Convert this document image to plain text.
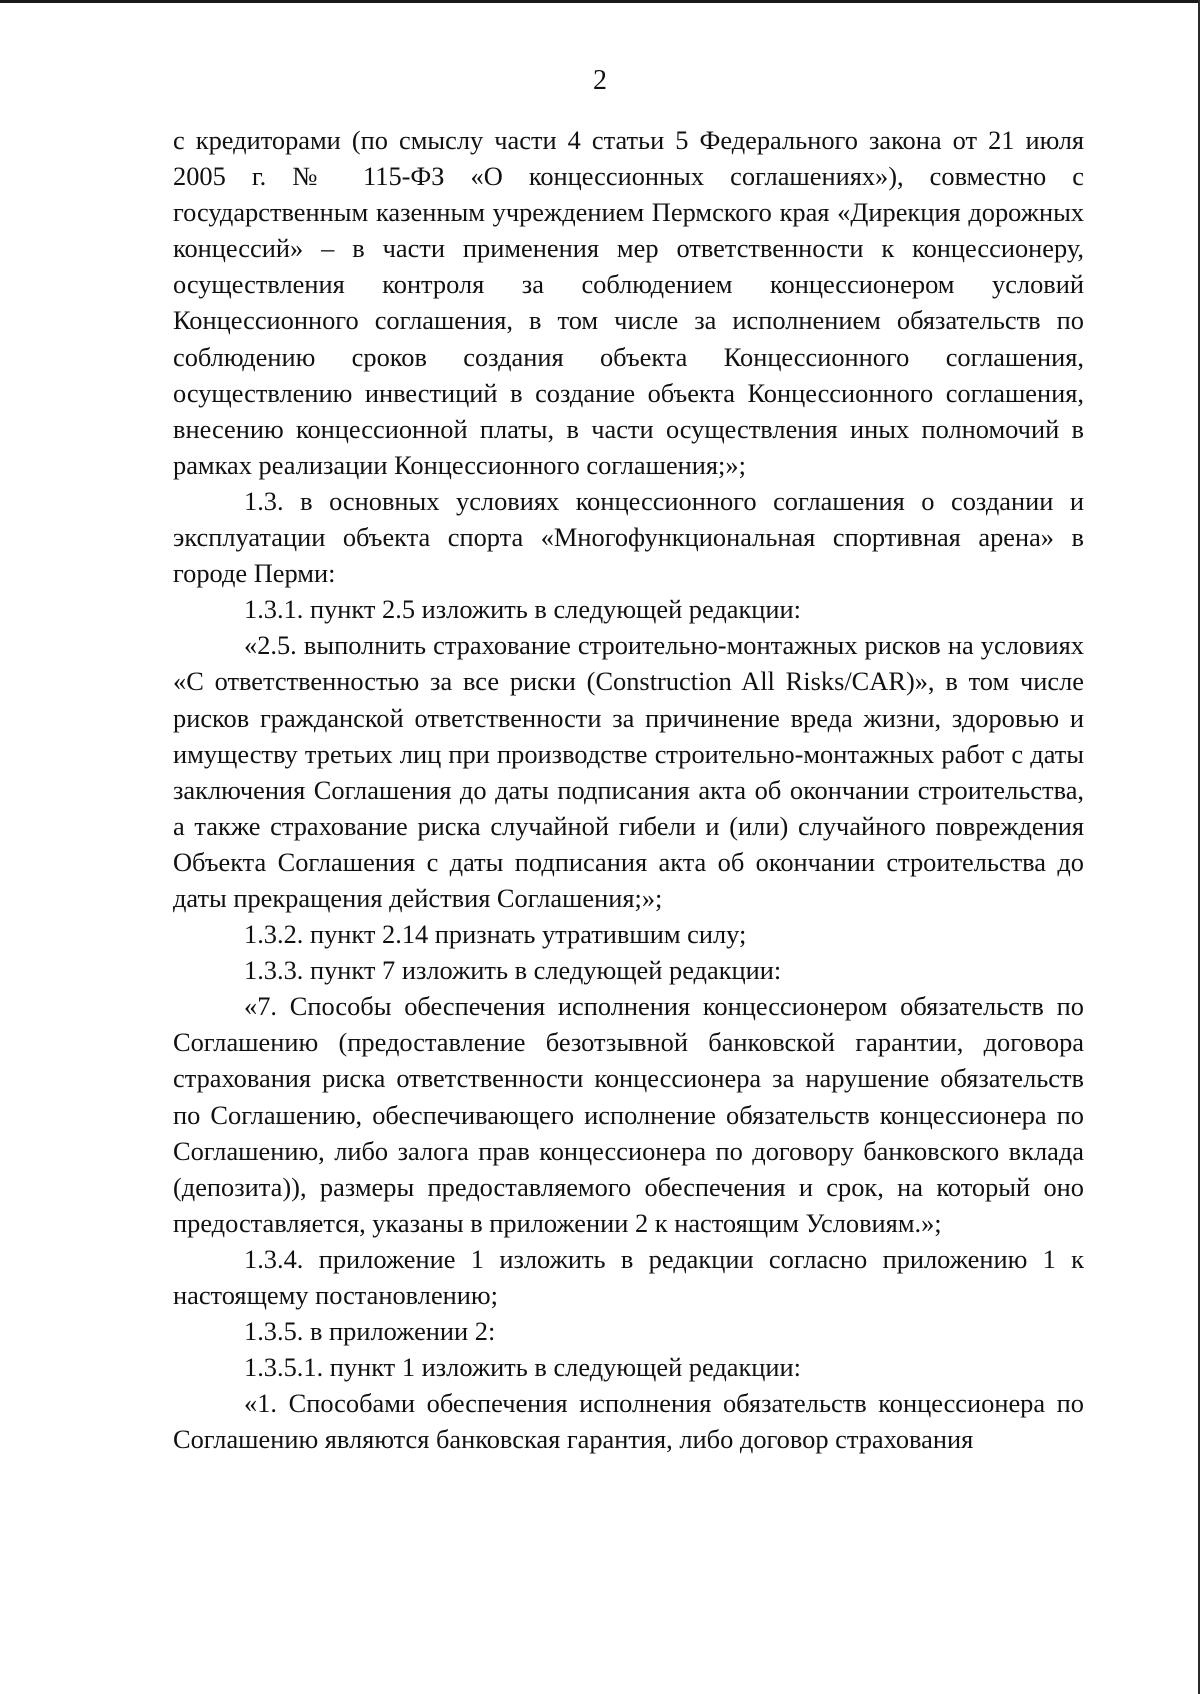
2

с кредиторами (по смыслу части 4 статьи 5 Федерального закона от 21 июля 2005 г. № 115-ФЗ «О концессионных соглашениях»), совместно с государственным казенным учреждением Пермского края «Дирекция дорожных концессий» – в части применения мер ответственности к концессионеру, осуществления контроля за соблюдением концессионером условий Концессионного соглашения, в том числе за исполнением обязательств по соблюдению сроков создания объекта Концессионного соглашения, осуществлению инвестиций в создание объекта Концессионного соглашения, внесению концессионной платы, в части осуществления иных полномочий в рамках реализации Концессионного соглашения;»;

1.3. в основных условиях концессионного соглашения о создании и эксплуатации объекта спорта «Многофункциональная спортивная арена» в городе Перми:

1.3.1. пункт 2.5 изложить в следующей редакции:

«2.5. выполнить страхование строительно-монтажных рисков на условиях «С ответственностью за все риски (Construction All Risks/CAR)», в том числе рисков гражданской ответственности за причинение вреда жизни, здоровью и имуществу третьих лиц при производстве строительно-монтажных работ с даты заключения Соглашения до даты подписания акта об окончании строительства, а также страхование риска случайной гибели и (или) случайного повреждения Объекта Соглашения с даты подписания акта об окончании строительства до даты прекращения действия Соглашения;»;

1.3.2. пункт 2.14 признать утратившим силу;

1.3.3. пункт 7 изложить в следующей редакции:

«7. Способы обеспечения исполнения концессионером обязательств по Соглашению (предоставление безотзывной банковской гарантии, договора страхования риска ответственности концессионера за нарушение обязательств по Соглашению, обеспечивающего исполнение обязательств концессионера по Соглашению, либо залога прав концессионера по договору банковского вклада (депозита)), размеры предоставляемого обеспечения и срок, на который оно предоставляется, указаны в приложении 2 к настоящим Условиям.»;

1.3.4. приложение 1 изложить в редакции согласно приложению 1 к настоящему постановлению;

1.3.5. в приложении 2:

1.3.5.1. пункт 1 изложить в следующей редакции:

«1. Способами обеспечения исполнения обязательств концессионера по Соглашению являются банковская гарантия, либо договор страхования
